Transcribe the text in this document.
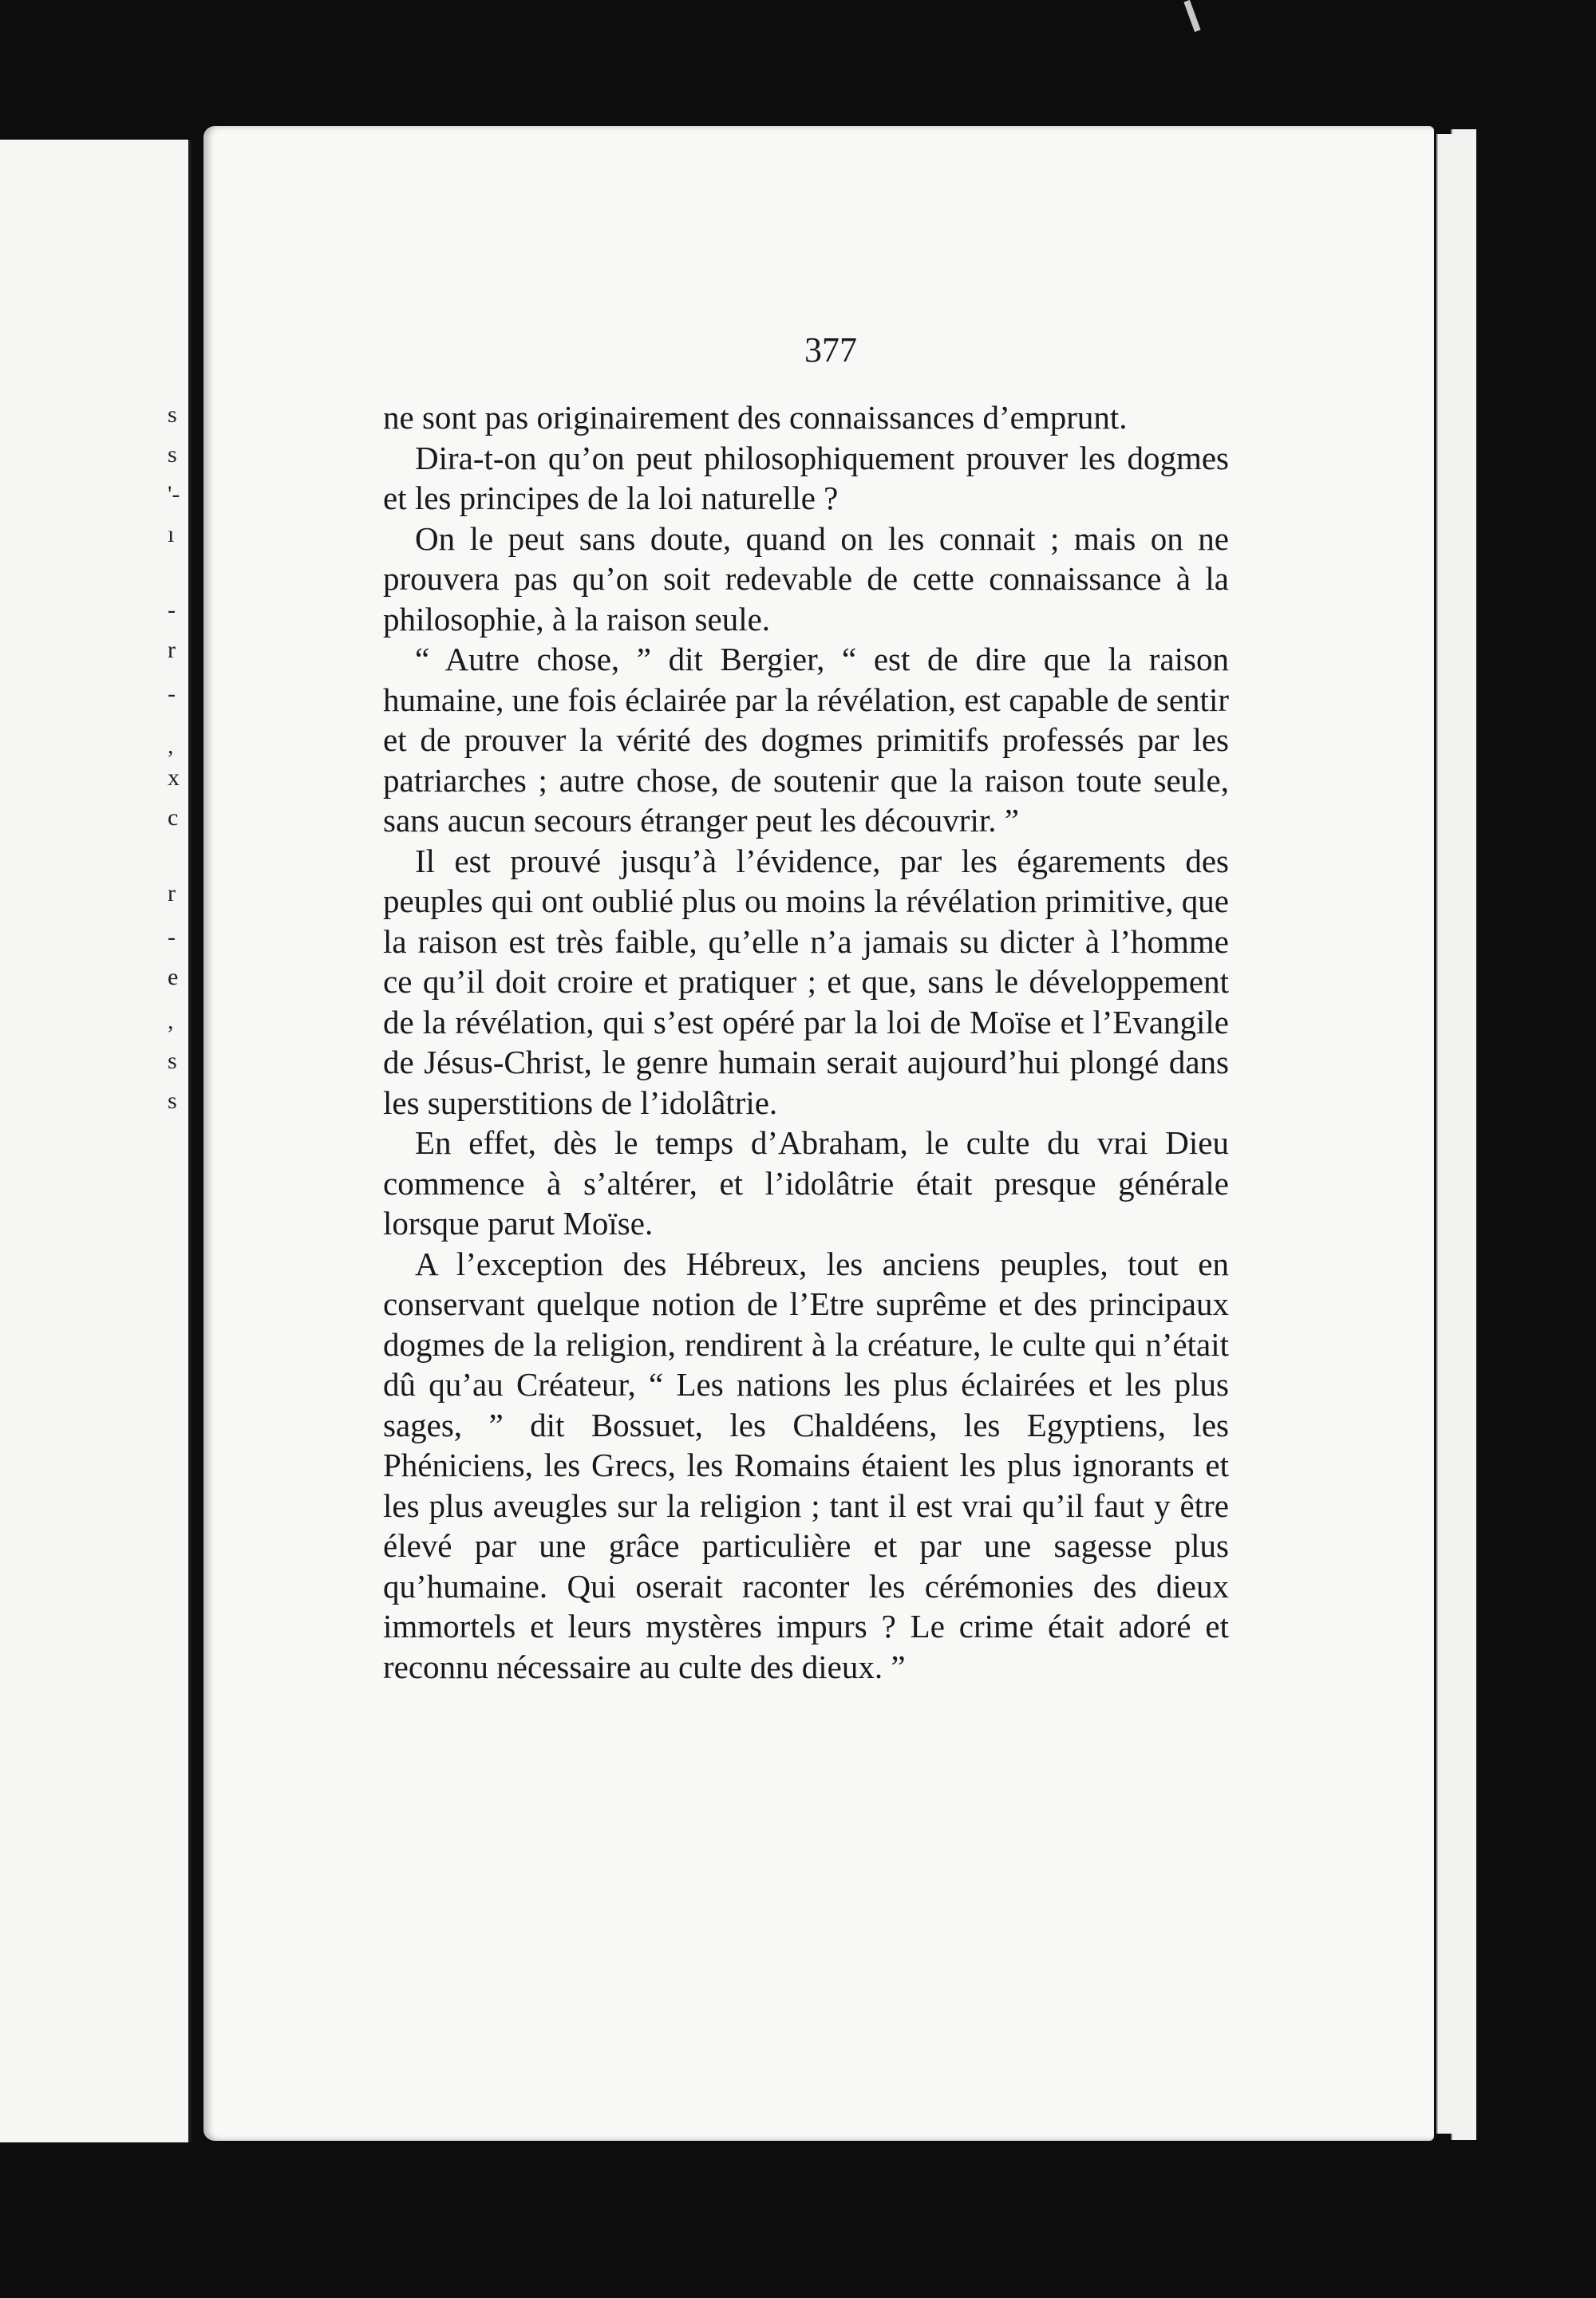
s
s
'-
ı
-
r
-
,
x
c
r
-
e
,
s
s
377

ne sont pas originairement des connaissances d’emprunt.

Dira-t-on qu’on peut philosophiquement prouver les dogmes et les principes de la loi naturelle ?

On le peut sans doute, quand on les connait ; mais on ne prouvera pas qu’on soit redevable de cette connaissance à la philosophie, à la raison seule.

“ Autre chose, ” dit Bergier, “ est de dire que la raison humaine, une fois éclairée par la révélation, est capable de sentir et de prouver la vérité des dogmes primitifs professés par les patriarches ; autre chose, de soutenir que la raison toute seule, sans aucun secours étranger peut les découvrir. ”

Il est prouvé jusqu’à l’évidence, par les égarements des peuples qui ont oublié plus ou moins la révélation primitive, que la raison est très faible, qu’elle n’a jamais su dicter à l’homme ce qu’il doit croire et pratiquer ; et que, sans le développement de la révélation, qui s’est opéré par la loi de Moïse et l’Evangile de Jésus-Christ, le genre humain serait aujourd’hui plongé dans les superstitions de l’idolâtrie.

En effet, dès le temps d’Abraham, le culte du vrai Dieu commence à s’altérer, et l’idolâtrie était presque générale lorsque parut Moïse.

A l’exception des Hébreux, les anciens peuples, tout en conservant quelque notion de l’Etre suprême et des principaux dogmes de la religion, rendirent à la créature, le culte qui n’était dû qu’au Créateur, “ Les nations les plus éclairées et les plus sages, ” dit Bossuet, les Chaldéens, les Egyptiens, les Phéniciens, les Grecs, les Romains étaient les plus ignorants et les plus aveugles sur la religion ; tant il est vrai qu’il faut y être élevé par une grâce particulière et par une sagesse plus qu’humaine. Qui oserait raconter les cérémonies des dieux immortels et leurs mystères impurs ? Le crime était adoré et reconnu nécessaire au culte des dieux. ”
